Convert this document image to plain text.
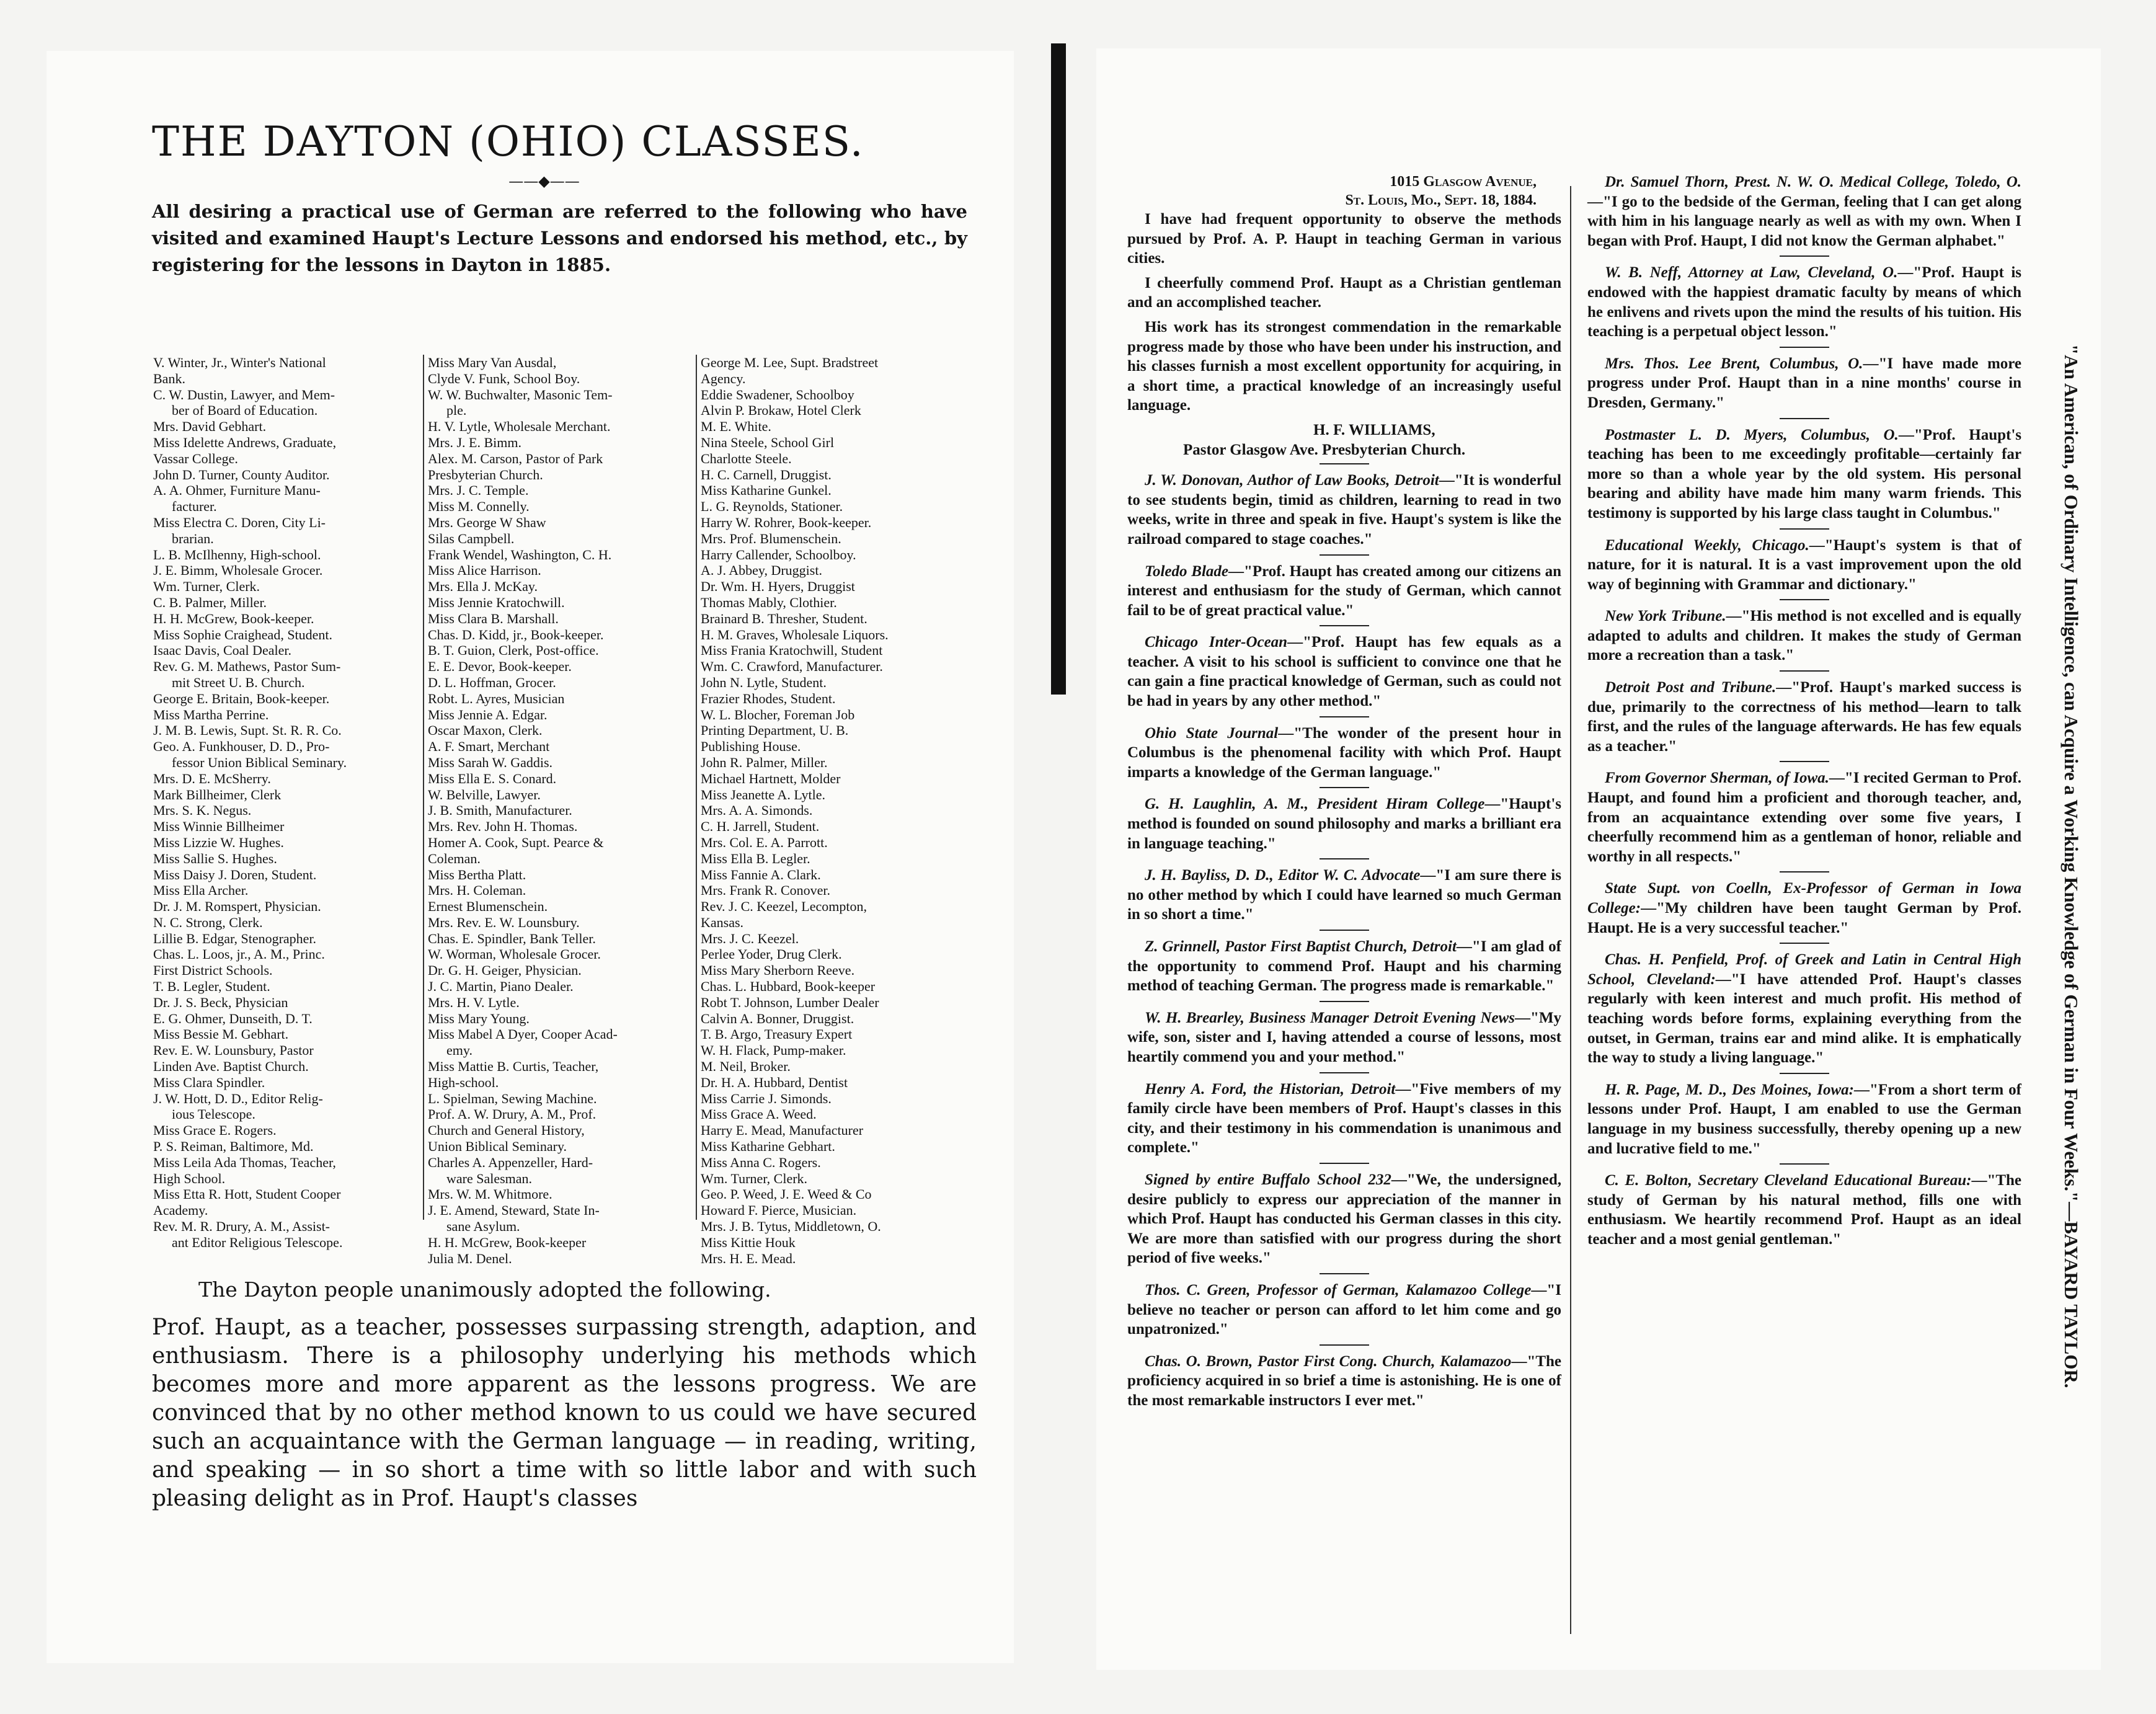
THE DAYTON (OHIO) CLASSES.
——◆——
All desiring a practical use of German are referred to the following who have visited and examined Haupt's Lecture Lessons and endorsed his method, etc., by registering for the lessons in Dayton in 1885.
V. Winter, Jr., Winter's National
Bank.
C. W. Dustin, Lawyer, and Mem-
ber of Board of Education.
Mrs. David Gebhart.
Miss Idelette Andrews, Graduate,
Vassar College.
John D. Turner, County Auditor.
A. A. Ohmer, Furniture Manu-
facturer.
Miss Electra C. Doren, City Li-
brarian.
L. B. McIlhenny, High-school.
J. E. Bimm, Wholesale Grocer.
Wm. Turner, Clerk.
C. B. Palmer, Miller.
H. H. McGrew, Book-keeper.
Miss Sophie Craighead, Student.
Isaac Davis, Coal Dealer.
Rev. G. M. Mathews, Pastor Sum-
mit Street U. B. Church.
George E. Britain, Book-keeper.
Miss Martha Perrine.
J. M. B. Lewis, Supt. St. R. R. Co.
Geo. A. Funkhouser, D. D., Pro-
fessor Union Biblical Seminary.
Mrs. D. E. McSherry.
Mark Billheimer, Clerk
Mrs. S. K. Negus.
Miss Winnie Billheimer
Miss Lizzie W. Hughes.
Miss Sallie S. Hughes.
Miss Daisy J. Doren, Student.
Miss Ella Archer.
Dr. J. M. Romspert, Physician.
N. C. Strong, Clerk.
Lillie B. Edgar, Stenographer.
Chas. L. Loos, jr., A. M., Princ.
First District Schools.
T. B. Legler, Student.
Dr. J. S. Beck, Physician
E. G. Ohmer, Dunseith, D. T.
Miss Bessie M. Gebhart.
Rev. E. W. Lounsbury, Pastor
Linden Ave. Baptist Church.
Miss Clara Spindler.
J. W. Hott, D. D., Editor Relig-
ious Telescope.
Miss Grace E. Rogers.
P. S. Reiman, Baltimore, Md.
Miss Leila Ada Thomas, Teacher,
High School.
Miss Etta R. Hott, Student Cooper
Academy.
Rev. M. R. Drury, A. M., Assist-
ant Editor Religious Telescope.
Miss Mary Van Ausdal,
Clyde V. Funk, School Boy.
W. W. Buchwalter, Masonic Tem-
ple.
H. V. Lytle, Wholesale Merchant.
Mrs. J. E. Bimm.
Alex. M. Carson, Pastor of Park
Presbyterian Church.
Mrs. J. C. Temple.
Miss M. Connelly.
Mrs. George W Shaw
Silas Campbell.
Frank Wendel, Washington, C. H.
Miss Alice Harrison.
Mrs. Ella J. McKay.
Miss Jennie Kratochwill.
Miss Clara B. Marshall.
Chas. D. Kidd, jr., Book-keeper.
B. T. Guion, Clerk, Post-office.
E. E. Devor, Book-keeper.
D. L. Hoffman, Grocer.
Robt. L. Ayres, Musician
Miss Jennie A. Edgar.
Oscar Maxon, Clerk.
A. F. Smart, Merchant
Miss Sarah W. Gaddis.
Miss Ella E. S. Conard.
W. Belville, Lawyer.
J. B. Smith, Manufacturer.
Mrs. Rev. John H. Thomas.
Homer A. Cook, Supt. Pearce &
Coleman.
Miss Bertha Platt.
Mrs. H. Coleman.
Ernest Blumenschein.
Mrs. Rev. E. W. Lounsbury.
Chas. E. Spindler, Bank Teller.
W. Worman, Wholesale Grocer.
Dr. G. H. Geiger, Physician.
J. C. Martin, Piano Dealer.
Mrs. H. V. Lytle.
Miss Mary Young.
Miss Mabel A Dyer, Cooper Acad-
emy.
Miss Mattie B. Curtis, Teacher,
High-school.
L. Spielman, Sewing Machine.
Prof. A. W. Drury, A. M., Prof.
Church and General History,
Union Biblical Seminary.
Charles A. Appenzeller, Hard-
ware Salesman.
Mrs. W. M. Whitmore.
J. E. Amend, Steward, State In-
sane Asylum.
H. H. McGrew, Book-keeper
Julia M. Denel.
George M. Lee, Supt. Bradstreet
Agency.
Eddie Swadener, Schoolboy
Alvin P. Brokaw, Hotel Clerk
M. E. White.
Nina Steele, School Girl
Charlotte Steele.
H. C. Carnell, Druggist.
Miss Katharine Gunkel.
L. G. Reynolds, Stationer.
Harry W. Rohrer, Book-keeper.
Mrs. Prof. Blumenschein.
Harry Callender, Schoolboy.
A. J. Abbey, Druggist.
Dr. Wm. H. Hyers, Druggist
Thomas Mably, Clothier.
Brainard B. Thresher, Student.
H. M. Graves, Wholesale Liquors.
Miss Frania Kratochwill, Student
Wm. C. Crawford, Manufacturer.
John N. Lytle, Student.
Frazier Rhodes, Student.
W. L. Blocher, Foreman Job
Printing Department, U. B.
Publishing House.
John R. Palmer, Miller.
Michael Hartnett, Molder
Miss Jeanette A. Lytle.
Mrs. A. A. Simonds.
C. H. Jarrell, Student.
Mrs. Col. E. A. Parrott.
Miss Ella B. Legler.
Miss Fannie A. Clark.
Mrs. Frank R. Conover.
Rev. J. C. Keezel, Lecompton,
Kansas.
Mrs. J. C. Keezel.
Perlee Yoder, Drug Clerk.
Miss Mary Sherborn Reeve.
Chas. L. Hubbard, Book-keeper
Robt T. Johnson, Lumber Dealer
Calvin A. Bonner, Druggist.
T. B. Argo, Treasury Expert
W. H. Flack, Pump-maker.
M. Neil, Broker.
Dr. H. A. Hubbard, Dentist
Miss Carrie J. Simonds.
Miss Grace A. Weed.
Harry E. Mead, Manufacturer
Miss Katharine Gebhart.
Miss Anna C. Rogers.
Wm. Turner, Clerk.
Geo. P. Weed, J. E. Weed & Co
Howard F. Pierce, Musician.
Mrs. J. B. Tytus, Middletown, O.
Miss Kittie Houk
Mrs. H. E. Mead.
The Dayton people unanimously adopted the following.
Prof. Haupt, as a teacher, possesses surpassing strength, adaption, and enthusiasm. There is a philosophy underlying his methods which becomes more and more apparent as the lessons progress. We are convinced that by no other method known to us could we have secured such an acquaintance with the German language — in reading, writing, and speaking — in so short a time with so little labor and with such pleasing delight as in Prof. Haupt's classes
1015 Glasgow Avenue,
St. Louis, Mo., Sept. 18, 1884.

I have had frequent opportunity to observe the methods pursued by Prof. A. P. Haupt in teaching German in various cities.

I cheerfully commend Prof. Haupt as a Christian gentleman and an accomplished teacher.

His work has its strongest commendation in the remarkable progress made by those who have been under his instruction, and his classes furnish a most excellent opportunity for acquiring, in a short time, a practical knowledge of an increasingly useful language.

H. F. WILLIAMS,
Pastor Glasgow Ave. Presbyterian Church.

J. W. Donovan, Author of Law Books, Detroit—"It is wonderful to see students begin, timid as children, learning to read in two weeks, write in three and speak in five. Haupt's system is like the railroad compared to stage coaches."

Toledo Blade—"Prof. Haupt has created among our citizens an interest and enthusiasm for the study of German, which cannot fail to be of great practical value."

Chicago Inter-Ocean—"Prof. Haupt has few equals as a teacher. A visit to his school is sufficient to convince one that he can gain a fine practical knowledge of German, such as could not be had in years by any other method."

Ohio State Journal—"The wonder of the present hour in Columbus is the phenomenal facility with which Prof. Haupt imparts a knowledge of the German language."

G. H. Laughlin, A. M., President Hiram College—"Haupt's method is founded on sound philosophy and marks a brilliant era in language teaching."

J. H. Bayliss, D. D., Editor W. C. Advocate—"I am sure there is no other method by which I could have learned so much German in so short a time."

Z. Grinnell, Pastor First Baptist Church, Detroit—"I am glad of the opportunity to commend Prof. Haupt and his charming method of teaching German. The progress made is remarkable."

W. H. Brearley, Business Manager Detroit Evening News—"My wife, son, sister and I, having attended a course of lessons, most heartily commend you and your method."

Henry A. Ford, the Historian, Detroit—"Five members of my family circle have been members of Prof. Haupt's classes in this city, and their testimony in his commendation is unanimous and complete."

Signed by entire Buffalo School 232—"We, the undersigned, desire publicly to express our appreciation of the manner in which Prof. Haupt has conducted his German classes in this city. We are more than satisfied with our progress during the short period of five weeks."

Thos. C. Green, Professor of German, Kalamazoo College—"I believe no teacher or person can afford to let him come and go unpatronized."

Chas. O. Brown, Pastor First Cong. Church, Kalamazoo—"The proficiency acquired in so brief a time is astonishing. He is one of the most remarkable instructors I ever met."

Dr. Samuel Thorn, Prest. N. W. O. Medical College, Toledo, O.—"I go to the bedside of the German, feeling that I can get along with him in his language nearly as well as with my own. When I began with Prof. Haupt, I did not know the German alphabet."

W. B. Neff, Attorney at Law, Cleveland, O.—"Prof. Haupt is endowed with the happiest dramatic faculty by means of which he enlivens and rivets upon the mind the results of his tuition. His teaching is a perpetual object lesson."

Mrs. Thos. Lee Brent, Columbus, O.—"I have made more progress under Prof. Haupt than in a nine months' course in Dresden, Germany."

Postmaster L. D. Myers, Columbus, O.—"Prof. Haupt's teaching has been to me exceedingly profitable—certainly far more so than a whole year by the old system. His personal bearing and ability have made him many warm friends. This testimony is supported by his large class taught in Columbus."

Educational Weekly, Chicago.—"Haupt's system is that of nature, for it is natural. It is a vast improvement upon the old way of beginning with Grammar and dictionary."

New York Tribune.—"His method is not excelled and is equally adapted to adults and children. It makes the study of German more a recreation than a task."

Detroit Post and Tribune.—"Prof. Haupt's marked success is due, primarily to the correctness of his method—learn to talk first, and the rules of the language afterwards. He has few equals as a teacher."

From Governor Sherman, of Iowa.—"I recited German to Prof. Haupt, and found him a proficient and thorough teacher, and, from an acquaintance extending over some five years, I cheerfully recommend him as a gentleman of honor, reliable and worthy in all respects."

State Supt. von Coelln, Ex-Professor of German in Iowa College:—"My children have been taught German by Prof. Haupt. He is a very successful teacher."

Chas. H. Penfield, Prof. of Greek and Latin in Central High School, Cleveland:—"I have attended Prof. Haupt's classes regularly with keen interest and much profit. His method of teaching words before forms, explaining everything from the outset, in German, trains ear and mind alike. It is emphatically the way to study a living language."

H. R. Page, M. D., Des Moines, Iowa:—"From a short term of lessons under Prof. Haupt, I am enabled to use the German language in my business successfully, thereby opening up a new and lucrative field to me."

C. E. Bolton, Secretary Cleveland Educational Bureau:—"The study of German by his natural method, fills one with enthusiasm. We heartily recommend Prof. Haupt as an ideal teacher and a most genial gentleman."	"An American, of Ordinary Intelligence, can Acquire a Working Knowledge of German in Four Weeks."—BAYARD TAYLOR.
